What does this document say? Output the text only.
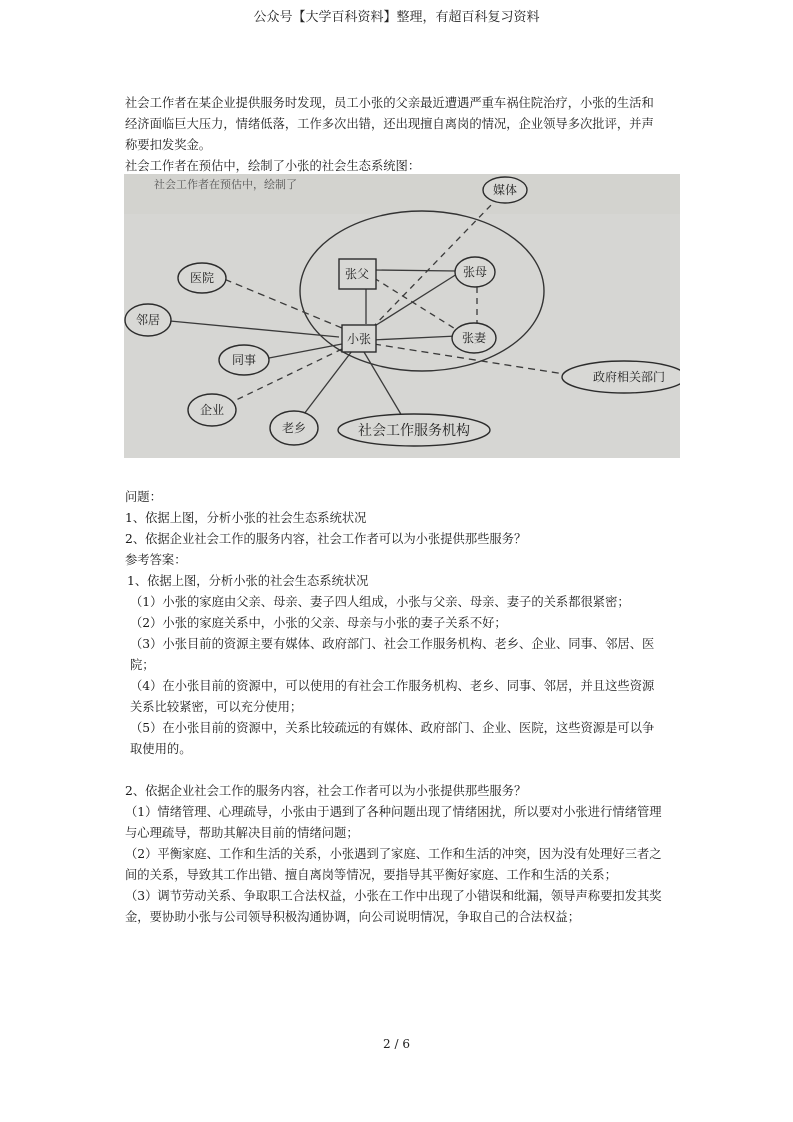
公众号【大学百科资料】整理，有超百科复习资料

社会工作者在某企业提供服务时发现，员工小张的父亲最近遭遇严重车祸住院治疗，小张的生活和经济面临巨大压力，情绪低落，工作多次出错，还出现擅自离岗的情况，企业领导多次批评，并声称要扣发奖金。

社会工作者在预估中，绘制了小张的社会生态系统图：

社会工作者在预估中，绘制了	媒体
张父	张母
医院
邻居
小张	张妻
同事
政府相关部门
企业
老乡	社会工作服务机构

问题：

1、依据上图，分析小张的社会生态系统状况

2、依据企业社会工作的服务内容，社会工作者可以为小张提供那些服务？

参考答案：

1、依据上图，分析小张的社会生态系统状况

（1）小张的家庭由父亲、母亲、妻子四人组成，小张与父亲、母亲、妻子的关系都很紧密；

（2）小张的家庭关系中，小张的父亲、母亲与小张的妻子关系不好；

（3）小张目前的资源主要有媒体、政府部门、社会工作服务机构、老乡、企业、同事、邻居、医院；

（4）在小张目前的资源中，可以使用的有社会工作服务机构、老乡、同事、邻居，并且这些资源关系比较紧密，可以充分使用；

（5）在小张目前的资源中，关系比较疏远的有媒体、政府部门、企业、医院，这些资源是可以争取使用的。

2、依据企业社会工作的服务内容，社会工作者可以为小张提供那些服务？

（1）情绪管理、心理疏导，小张由于遇到了各种问题出现了情绪困扰，所以要对小张进行情绪管理与心理疏导，帮助其解决目前的情绪问题；

（2）平衡家庭、工作和生活的关系，小张遇到了家庭、工作和生活的冲突，因为没有处理好三者之间的关系，导致其工作出错、擅自离岗等情况，要指导其平衡好家庭、工作和生活的关系；

（3）调节劳动关系、争取职工合法权益，小张在工作中出现了小错误和纰漏，领导声称要扣发其奖金，要协助小张与公司领导积极沟通协调，向公司说明情况，争取自己的合法权益；

2 / 6
